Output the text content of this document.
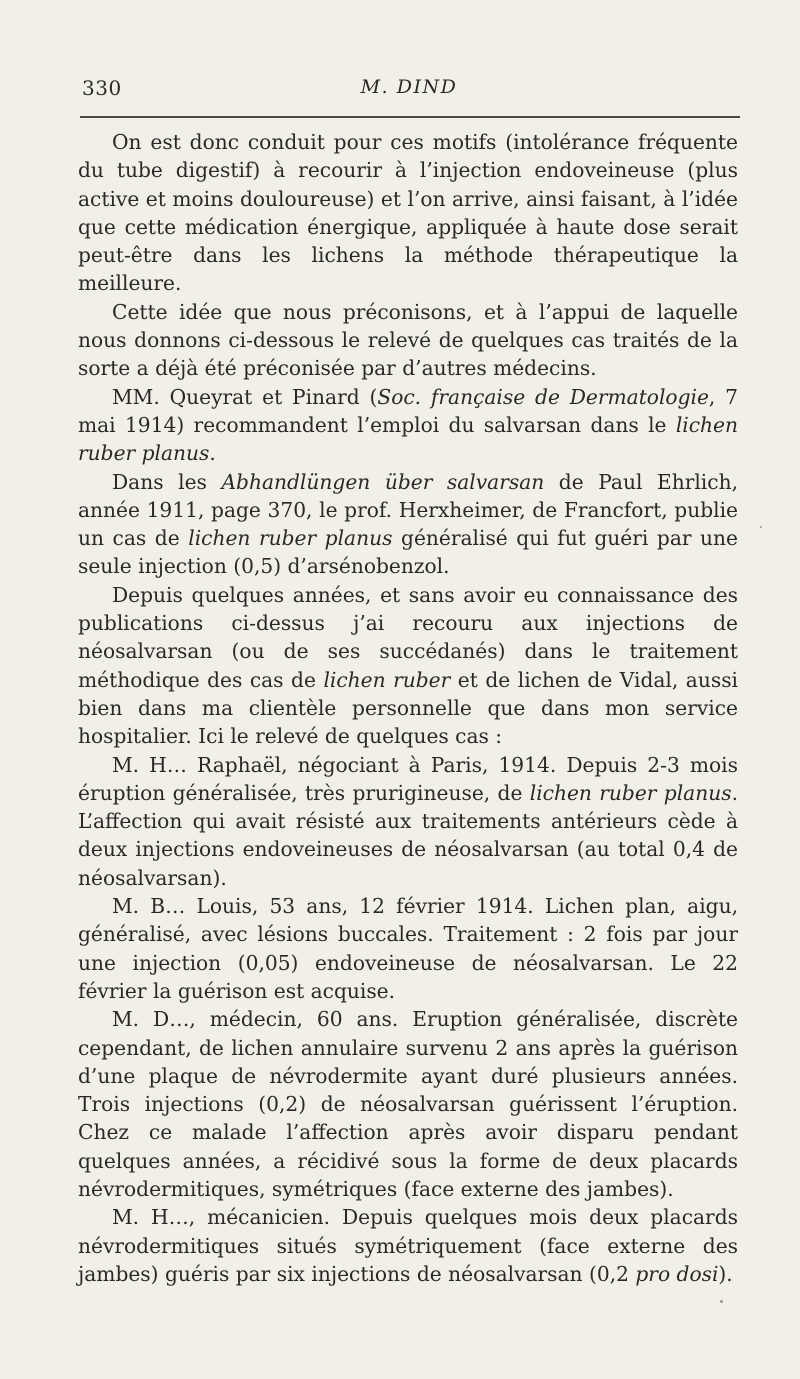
330	M. DIND

On est donc conduit pour ces motifs (intolérance fréquente du tube digestif) à recourir à l’injection endoveineuse (plus active et moins douloureuse) et l’on arrive, ainsi faisant, à l’idée que cette médication énergique, appliquée à haute dose serait peut-être dans les lichens la méthode thérapeutique la meilleure.

Cette idée que nous préconisons, et à l’appui de laquelle nous donnons ci-dessous le relevé de quelques cas traités de la sorte a déjà été préconisée par d’autres médecins.

MM. Queyrat et Pinard (Soc. française de Dermatologie, 7 mai 1914) recommandent l’emploi du salvarsan dans le lichen ruber planus.

Dans les Abhandlüngen über salvarsan de Paul Ehrlich, année 1911, page 370, le prof. Herxheimer, de Francfort, publie un cas de lichen ruber planus généralisé qui fut guéri par une seule injection (0,5) d’arsénobenzol.

Depuis quelques années, et sans avoir eu connaissance des publications ci-dessus j’ai recouru aux injections de néosalvarsan (ou de ses succédanés) dans le traitement méthodique des cas de lichen ruber et de lichen de Vidal, aussi bien dans ma clientèle personnelle que dans mon service hospitalier. Ici le relevé de quelques cas :

M. H… Raphaël, négociant à Paris, 1914. Depuis 2-3 mois éruption généralisée, très prurigineuse, de lichen ruber planus. L’affection qui avait résisté aux traitements antérieurs cède à deux injections endoveineuses de néosalvarsan (au total 0,4 de néosalvarsan).

M. B… Louis, 53 ans, 12 février 1914. Lichen plan, aigu, généralisé, avec lésions buccales. Traitement : 2 fois par jour une injection (0,05) endoveineuse de néosalvarsan. Le 22 février la guérison est acquise.

M. D…, médecin, 60 ans. Eruption généralisée, discrète cependant, de lichen annulaire survenu 2 ans après la guérison d’une plaque de névrodermite ayant duré plusieurs années. Trois injections (0,2) de néosalvarsan guérissent l’éruption. Chez ce malade l’affection après avoir disparu pendant quelques années, a récidivé sous la forme de deux placards névrodermitiques, symétriques (face externe des jambes).

M. H…, mécanicien. Depuis quelques mois deux placards névrodermitiques situés symétriquement (face externe des jambes) guéris par six injections de néosalvarsan (0,2 pro dosi).
